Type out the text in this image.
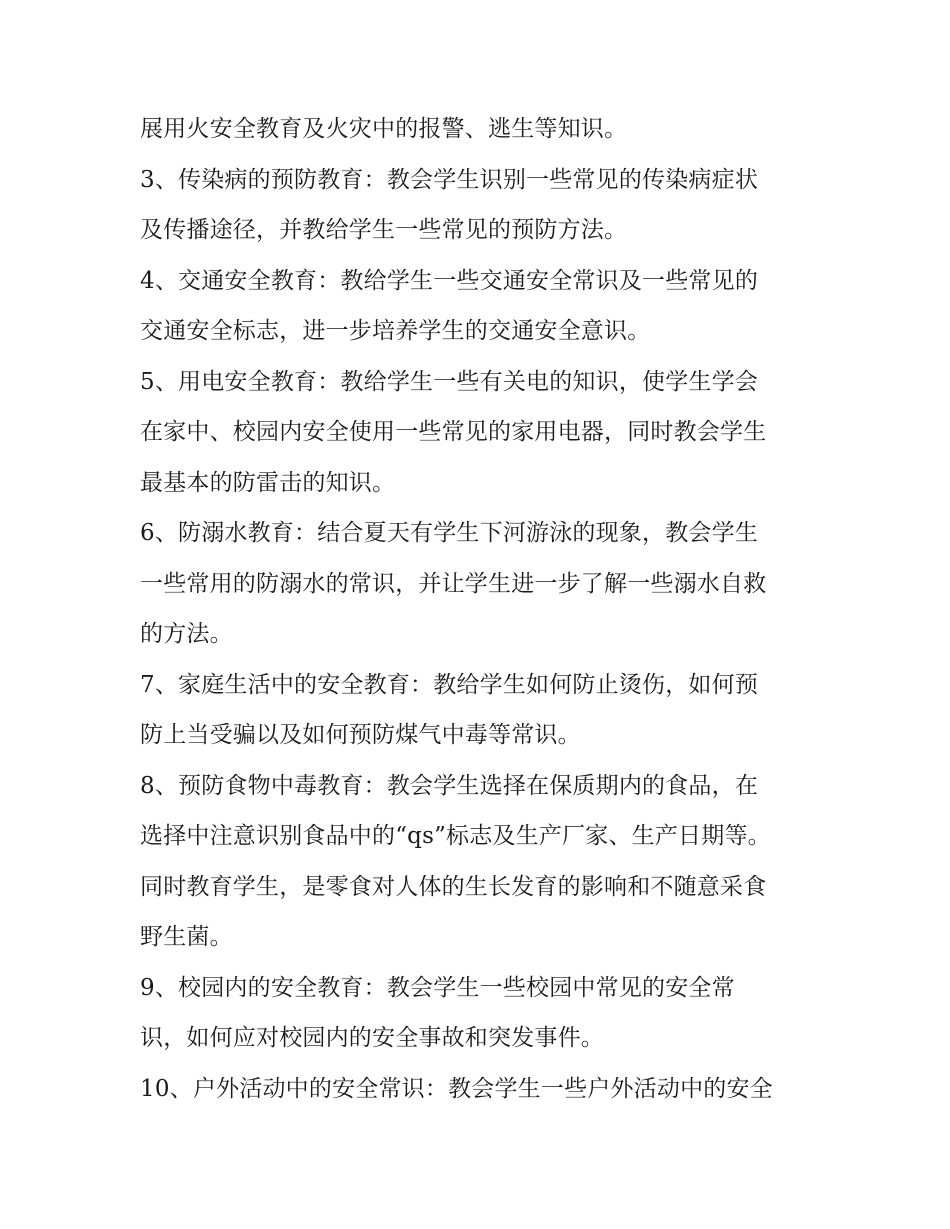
展用火安全教育及火灾中的报警、逃生等知识。
3、传染病的预防教育：教会学生识别一些常见的传染病症状
及传播途径，并教给学生一些常见的预防方法。
4、交通安全教育：教给学生一些交通安全常识及一些常见的
交通安全标志，进一步培养学生的交通安全意识。
5、用电安全教育：教给学生一些有关电的知识，使学生学会
在家中、校园内安全使用一些常见的家用电器，同时教会学生
最基本的防雷击的知识。
6、防溺水教育：结合夏天有学生下河游泳的现象，教会学生
一些常用的防溺水的常识，并让学生进一步了解一些溺水自救
的方法。
7、家庭生活中的安全教育：教给学生如何防止烫伤，如何预
防上当受骗以及如何预防煤气中毒等常识。
8、预防食物中毒教育：教会学生选择在保质期内的食品，在
选择中注意识别食品中的“qs”标志及生产厂家、生产日期等。
同时教育学生，是零食对人体的生长发育的影响和不随意采食
野生菌。
9、校园内的安全教育：教会学生一些校园中常见的安全常
识，如何应对校园内的安全事故和突发事件。
10、户外活动中的安全常识：教会学生一些户外活动中的安全
